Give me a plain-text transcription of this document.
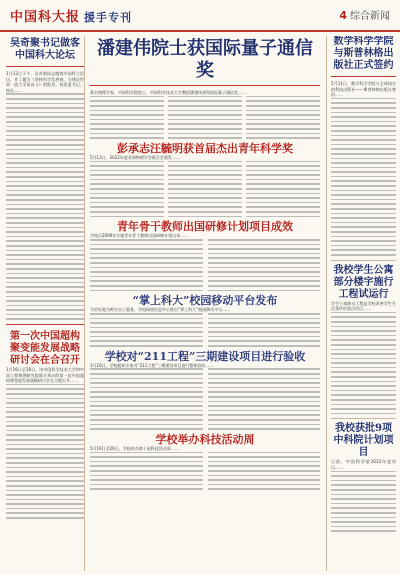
中国科大报 援手专刊	4 综合新闻
吴奇聚书记做客中国科大论坛
1月12日下午，吴奇聚同志做客中国科大论坛，作了题为《坚持科学发展观，为建设世界一流大学而奋斗》的报告。校党委书记、校长……
第一次中国超构聚变能发展战略研讨会在合召开
1月16日至18日，由中国科学技术大学和中国工程物理研究院联合举办的第一次中国超构聚变能发展战略研讨会在合肥召开……
潘建伟院士获国际量子通信奖
著名物理学家、中国科学院院士、中国科学技术大学教授潘建伟获得国际量子通信奖……
彭承志汪毓明获首届杰出青年科学奖
5月13日，2012年度亚洲物理学会联合会颁发……
青年骨干教师出国研修计划项目成效
学校自2009年实施青年骨干教师出国研修计划以来……
“掌上科大”校园移动平台发布
为更好地为师生员工服务，学校网络信息中心推出“掌上科大”校园移动平台……
学校对“211工程”三期建设项目进行验收
3月16日，学校组织专家对“211工程”三期建设项目进行整体验收……
学校举办科技活动周
5月19日至26日，学校举办第十届科技活动周……
数学科学学院与斯普林格出版社正式签约
5月11日，数学科学学院与全球知名的科技出版社——斯普林格出版社签约……
我校学生公寓部分楼宇施行工程试运行
学生公寓热水工程是学校改善学生生活条件的重点项目……
我校获批9项中科院计划项目
日前，中国科学院2013年度项目……
